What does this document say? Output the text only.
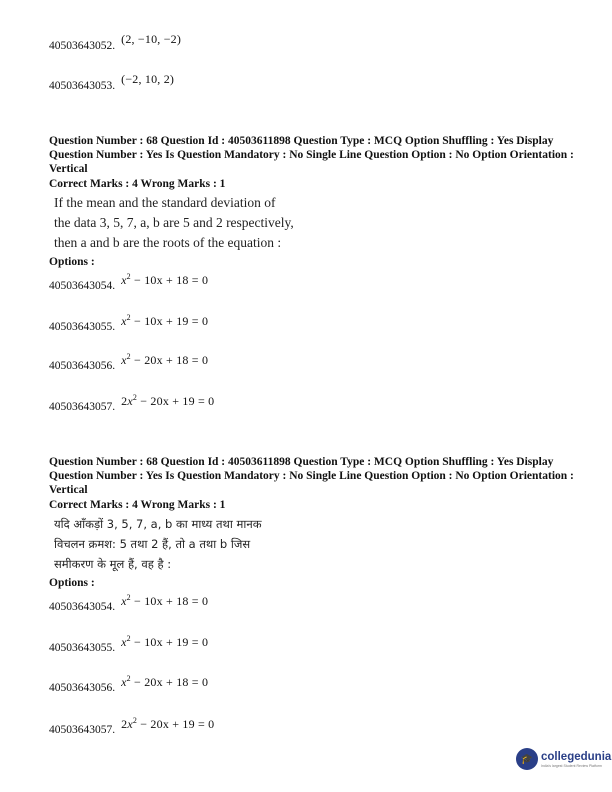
40503643052. (2, −10, −2)
40503643053. (−2, 10, 2)
Question Number : 68 Question Id : 40503611898 Question Type : MCQ Option Shuffling : Yes Display Question Number : Yes Is Question Mandatory : No Single Line Question Option : No Option Orientation : Vertical
Correct Marks : 4 Wrong Marks : 1
If the mean and the standard deviation of
the data 3, 5, 7, a, b are 5 and 2 respectively,
then a and b are the roots of the equation :
Options :
40503643054. $x^2 - 10x + 18 = 0$
40503643055. $x^2 - 10x + 19 = 0$
40503643056. $x^2 - 20x + 18 = 0$
40503643057. $2x^2 - 20x + 19 = 0$
Question Number : 68 Question Id : 40503611898 Question Type : MCQ Option Shuffling : Yes Display Question Number : Yes Is Question Mandatory : No Single Line Question Option : No Option Orientation : Vertical
Correct Marks : 4 Wrong Marks : 1
यदि आँकड़ों 3, 5, 7, a, b का माध्य तथा मानक
विचलन क्रमश: 5 तथा 2 हैं, तो a तथा b जिस
समीकरण के मूल हैं, वह है :
Options :
40503643054. $x^2 - 10x + 18 = 0$
40503643055. $x^2 - 10x + 19 = 0$
40503643056. $x^2 - 20x + 18 = 0$
40503643057. $2x^2 - 20x + 19 = 0$
🎓 collegedunia
India's largest Student Review Platform
